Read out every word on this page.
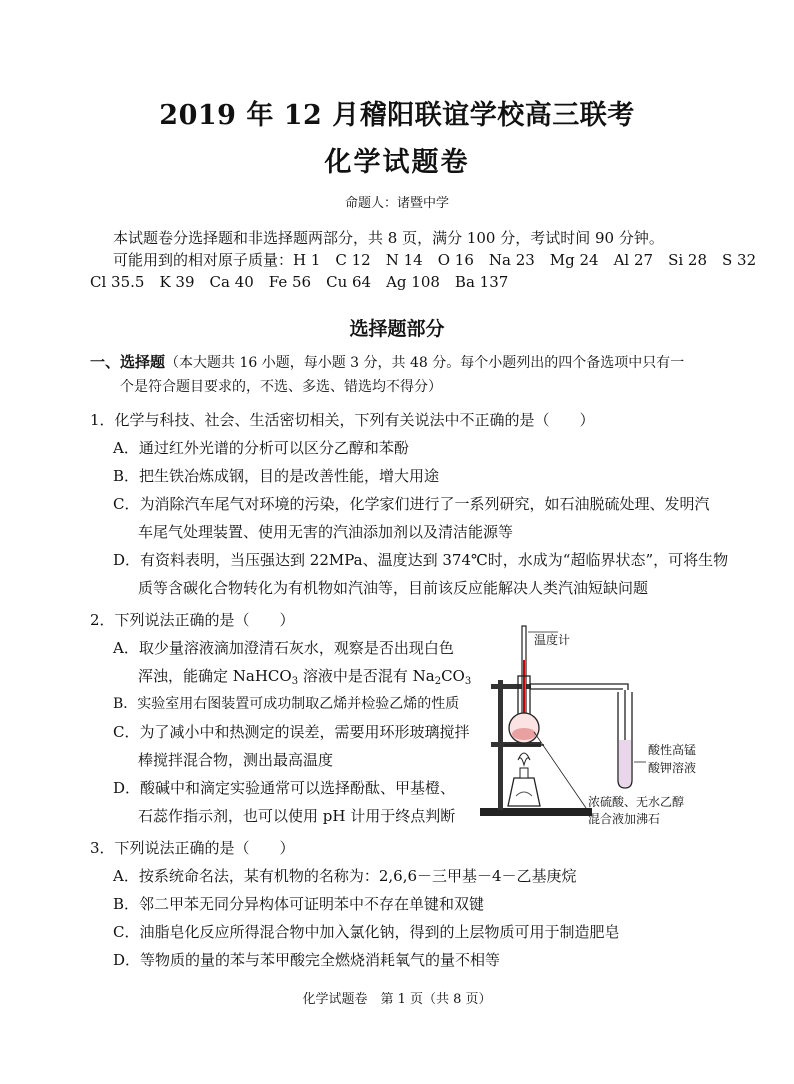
2019 年 12 月稽阳联谊学校高三联考
化学试题卷
命题人：诸暨中学
本试题卷分选择题和非选择题两部分，共 8 页，满分 100 分，考试时间 90 分钟。
可能用到的相对原子质量：H 1　C 12　N 14　O 16　Na 23　Mg 24　Al 27　Si 28　S 32
Cl 35.5　K 39　Ca 40　Fe 56　Cu 64　Ag 108　Ba 137
选择题部分
一、选择题（本大题共 16 小题，每小题 3 分，共 48 分。每个小题列出的四个备选项中只有一
个是符合题目要求的，不选、多选、错选均不得分）
1．化学与科技、社会、生活密切相关，下列有关说法中不正确的是（　　）
A．通过红外光谱的分析可以区分乙醇和苯酚
B．把生铁冶炼成钢，目的是改善性能，增大用途
C．为消除汽车尾气对环境的污染，化学家们进行了一系列研究，如石油脱硫处理、发明汽
车尾气处理装置、使用无害的汽油添加剂以及清洁能源等
D．有资料表明，当压强达到 22MPa、温度达到 374℃时，水成为“超临界状态”，可将生物
质等含碳化合物转化为有机物如汽油等，目前该反应能解决人类汽油短缺问题
2．下列说法正确的是（　　）
A．取少量溶液滴加澄清石灰水，观察是否出现白色
浑浊，能确定 NaHCO$_3$ 溶液中是否混有 $Na_2CO_3$
B．实验室用右图装置可成功制取乙烯并检验乙烯的性质
C．为了减小中和热测定的误差，需要用环形玻璃搅拌
棒搅拌混合物，测出最高温度
D．酸碱中和滴定实验通常可以选择酚酞、甲基橙、
石蕊作指示剂，也可以使用 pH 计用于终点判断
温度计
酸性高锰
酸钾溶液
浓硫酸、无水乙醇
混合液加沸石
3．下列说法正确的是（　　）
A．按系统命名法，某有机物的名称为：2,6,6－三甲基－4－乙基庚烷
B．邻二甲苯无同分异构体可证明苯中不存在单键和双键
C．油脂皂化反应所得混合物中加入氯化钠，得到的上层物质可用于制造肥皂
D．等物质的量的苯与苯甲酸完全燃烧消耗氧气的量不相等
化学试题卷　第 1 页（共 8 页）
